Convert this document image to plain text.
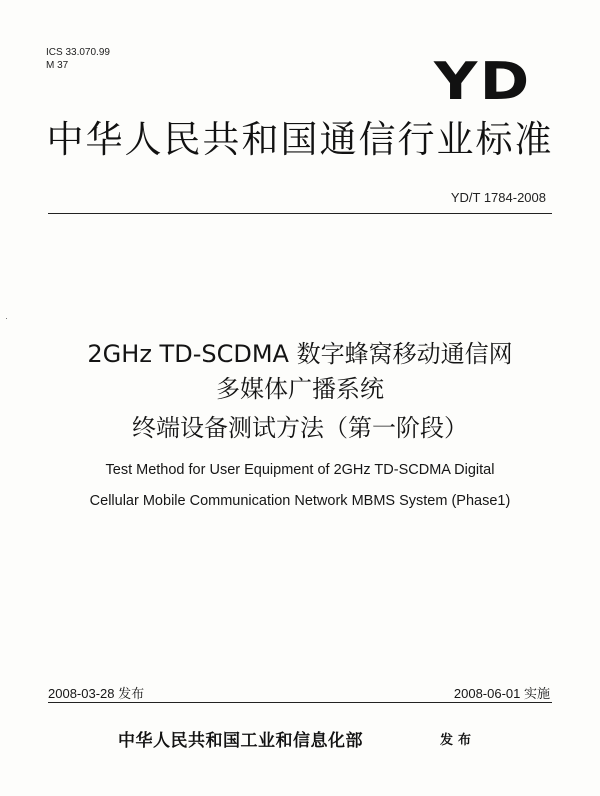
ICS 33.070.99
M 37	YD
中华人民共和国通信行业标准
YD/T 1784-2008
2GHz TD-SCDMA 数字蜂窝移动通信网
多媒体广播系统
终端设备测试方法（第一阶段）
Test Method for User Equipment of 2GHz TD-SCDMA Digital
Cellular Mobile Communication Network MBMS System (Phase1)
2008-03-28 发布	2008-06-01 实施
中华人民共和国工业和信息化部	发布
